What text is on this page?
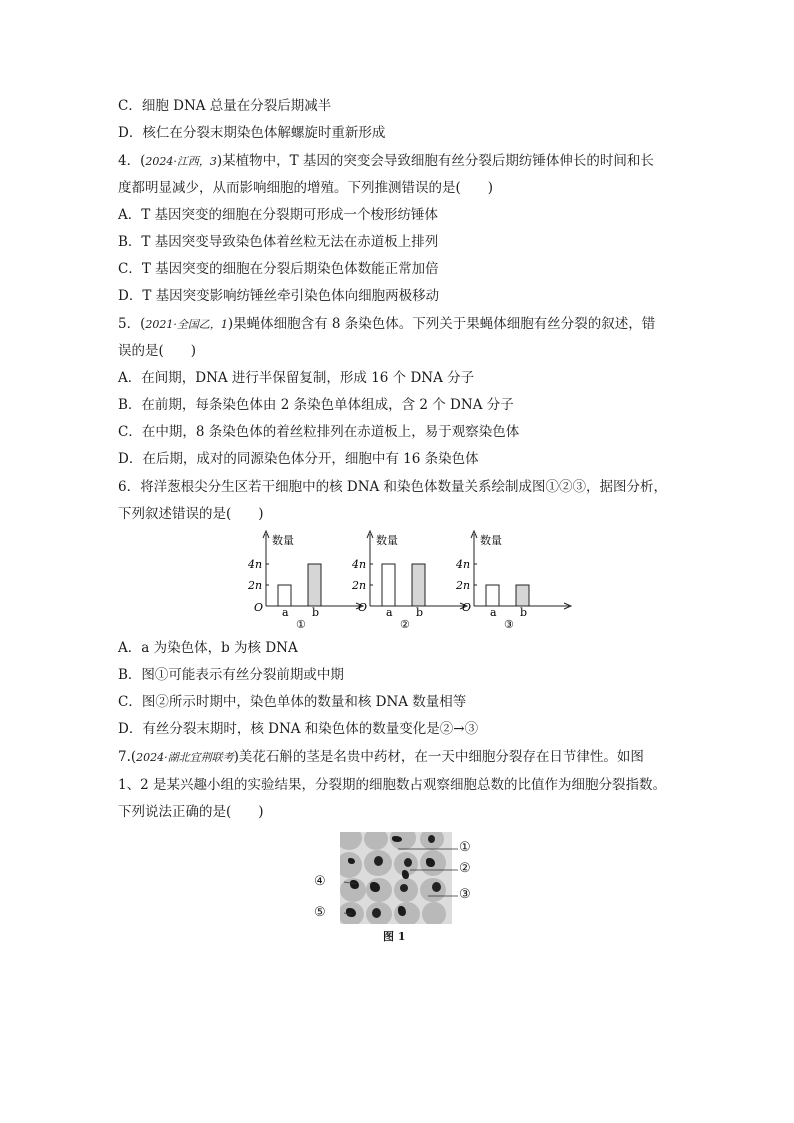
C．细胞 DNA 总量在分裂后期减半
D．核仁在分裂末期染色体解螺旋时重新形成
4．(2024·江西，3)某植物中，T 基因的突变会导致细胞有丝分裂后期纺锤体伸长的时间和长
度都明显减少，从而影响细胞的增殖。下列推测错误的是(　　)
A．T 基因突变的细胞在分裂期可形成一个梭形纺锤体
B．T 基因突变导致染色体着丝粒无法在赤道板上排列
C．T 基因突变的细胞在分裂后期染色体数能正常加倍
D．T 基因突变影响纺锤丝牵引染色体向细胞两极移动
5．(2021·全国乙，1)果蝇体细胞含有 8 条染色体。下列关于果蝇体细胞有丝分裂的叙述，错
误的是(　　)
A．在间期，DNA 进行半保留复制，形成 16 个 DNA 分子
B．在前期，每条染色体由 2 条染色单体组成，含 2 个 DNA 分子
C．在中期，8 条染色体的着丝粒排列在赤道板上，易于观察染色体
D．在后期，成对的同源染色体分开，细胞中有 16 条染色体
6．将洋葱根尖分生区若干细胞中的核 DNA 和染色体数量关系绘制成图①②③，据图分析，
下列叙述错误的是(　　)
数量
O
2n
4n
a b
①
数量
O
2n
4n
a b
②
数量
O
2n
4n
a b
③
A．a 为染色体，b 为核 DNA
B．图①可能表示有丝分裂前期或中期
C．图②所示时期中，染色单体的数量和核 DNA 数量相等
D．有丝分裂末期时，核 DNA 和染色体的数量变化是②→③
7.(2024·湖北宜荆联考)美花石斛的茎是名贵中药材，在一天中细胞分裂存在日节律性。如图
1、2 是某兴趣小组的实验结果，分裂期的细胞数占观察细胞总数的比值作为细胞分裂指数。
下列说法正确的是(　　)
①
②
③
④
⑤
图 1
